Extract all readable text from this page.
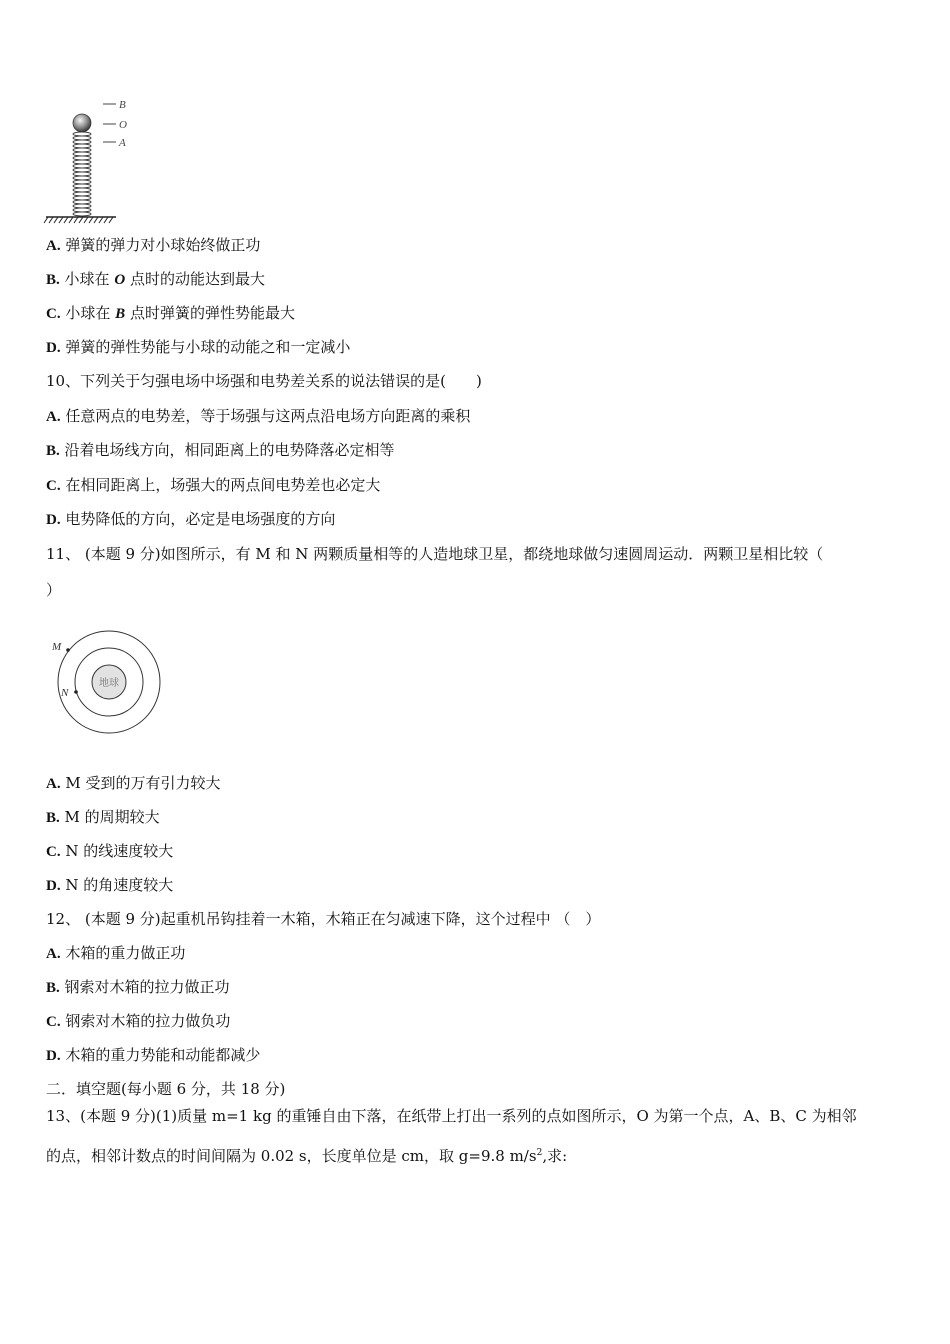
B
O
A
A. 弹簧的弹力对小球始终做正功
B. 小球在 O 点时的动能达到最大
C. 小球在 B 点时弹簧的弹性势能最大
D. 弹簧的弹性势能与小球的动能之和一定减小
10、下列关于匀强电场中场强和电势差关系的说法错误的是(　　)
A. 任意两点的电势差，等于场强与这两点沿电场方向距离的乘积
B. 沿着电场线方向，相同距离上的电势降落必定相等
C. 在相同距离上，场强大的两点间电势差也必定大
D. 电势降低的方向，必定是电场强度的方向
11、 (本题 9 分)如图所示，有 M 和 N 两颗质量相等的人造地球卫星，都绕地球做匀速圆周运动．两颗卫星相比较（
）
地球
M
N
A. M 受到的万有引力较大
B. M 的周期较大
C. N 的线速度较大
D. N 的角速度较大
12、 (本题 9 分)起重机吊钩挂着一木箱，木箱正在匀减速下降，这个过程中 （　）
A. 木箱的重力做正功
B. 钢索对木箱的拉力做正功
C. 钢索对木箱的拉力做负功
D. 木箱的重力势能和动能都减少
二．填空题(每小题 6 分，共 18 分)
13、(本题 9 分)(1)质量 m=1 kg 的重锤自由下落，在纸带上打出一系列的点如图所示，O 为第一个点，A、B、C 为相邻
的点，相邻计数点的时间间隔为 0.02 s，长度单位是 cm，取 g=9.8 $m/s^2$,求:
